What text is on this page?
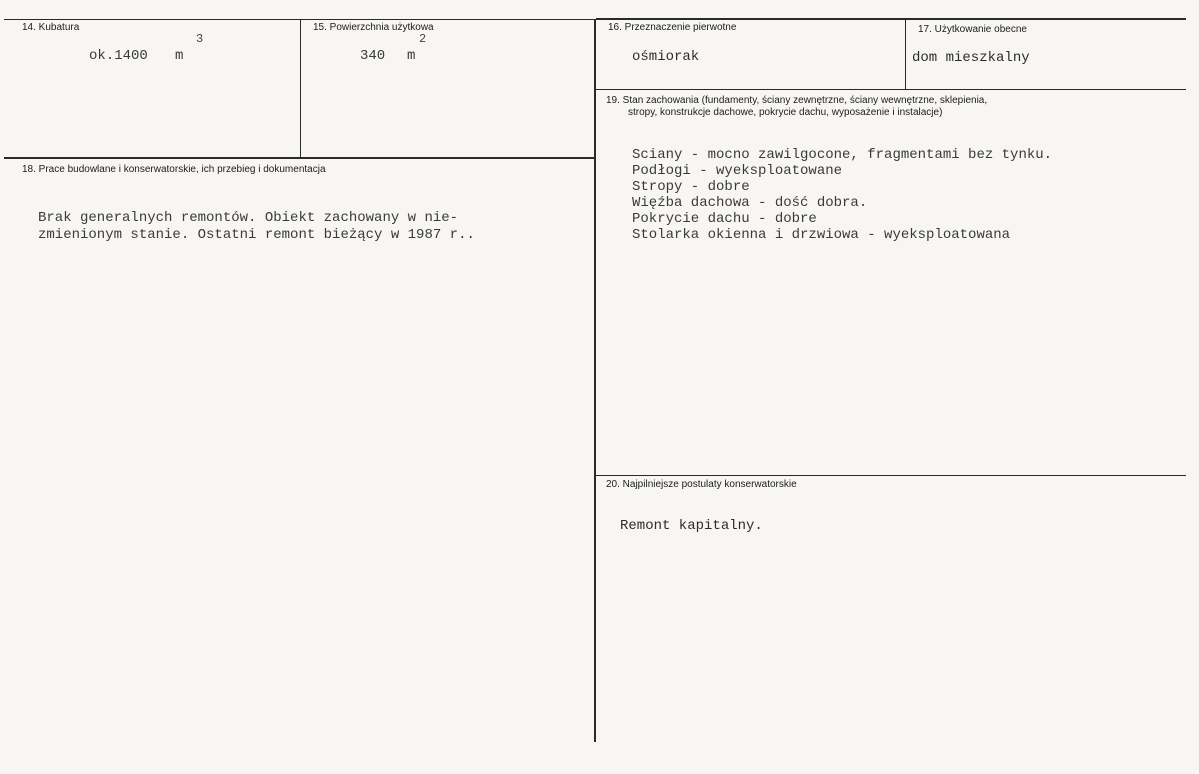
14. Kubatura
3
ok.1400 m
15. Powierzchnia użytkowa
2
340 m
16. Przeznaczenie pierwotne
ośmiorak
17. Użytkowanie obecne
dom mieszkalny
19. Stan zachowania (fundamenty, ściany zewnętrzne, ściany wewnętrzne, sklepienia,
stropy, konstrukcje dachowe, pokrycie dachu, wyposażenie i instalacje)
Sciany - mocno zawilgocone, fragmentami bez tynku.
Podłogi - wyeksploatowane
Stropy - dobre
Więźba dachowa - dość dobra.
Pokrycie dachu - dobre
Stolarka okienna i drzwiowa - wyeksploatowana
18. Prace budowlane i konserwatorskie, ich przebieg i dokumentacja
Brak generalnych remontów. Obiekt zachowany w nie-
zmienionym stanie. Ostatni remont bieżący w 1987 r..
20. Najpilniejsze postulaty konserwatorskie
Remont kapitalny.
